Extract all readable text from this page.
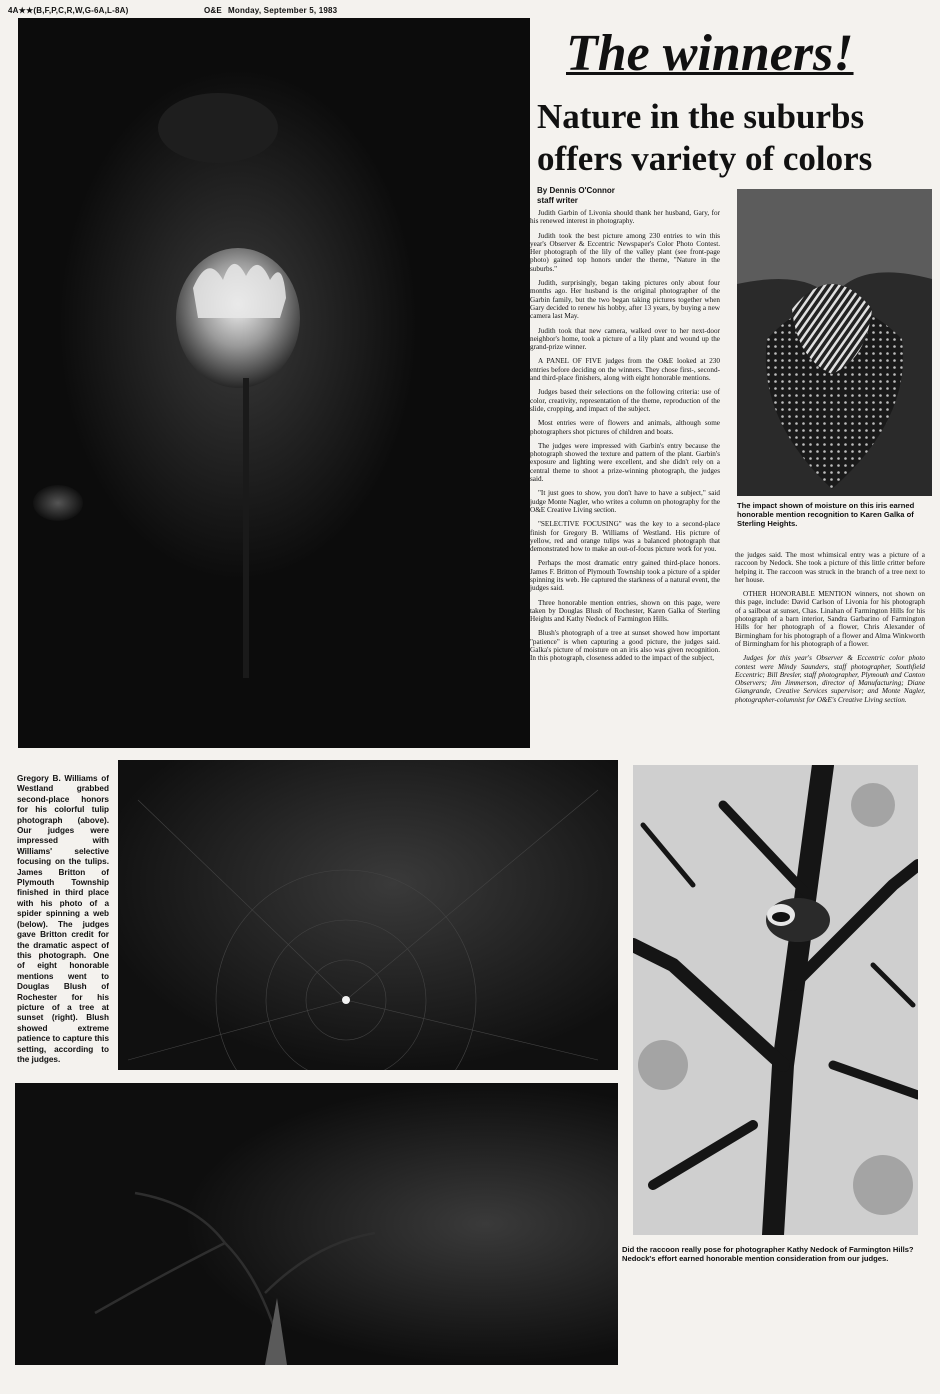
4A★★(B,F,P,C,R,W,G-6A,L-8A)	O&E Monday, September 5, 1983
The winners!
Nature in the suburbs
offers variety of colors
By Dennis O'Connor
staff writer

Judith Garbin of Livonia should thank her husband, Gary, for his renewed interest in photography.

Judith took the best picture among 230 entries to win this year's Observer & Eccentric Newspaper's Color Photo Contest. Her photograph of the lily of the valley plant (see front-page photo) gained top honors under the theme, "Nature in the suburbs."

Judith, surprisingly, began taking pictures only about four months ago. Her husband is the original photographer of the Garbin family, but the two began taking pictures together when Gary decided to renew his hobby, after 13 years, by buying a new camera last May.

Judith took that new camera, walked over to her next-door neighbor's home, took a picture of a lily plant and wound up the grand-prize winner.

A PANEL OF FIVE judges from the O&E looked at 230 entries before deciding on the winners. They chose first-, second- and third-place finishers, along with eight honorable mentions.

Judges based their selections on the following criteria: use of color, creativity, representation of the theme, reproduction of the slide, cropping, and impact of the subject.

Most entries were of flowers and animals, although some photographers shot pictures of children and boats.

The judges were impressed with Garbin's entry because the photograph showed the texture and pattern of the plant. Garbin's exposure and lighting were excellent, and she didn't rely on a central theme to shoot a prize-winning photograph, the judges said.

"It just goes to show, you don't have to have a subject," said judge Monte Nagler, who writes a column on photography for the O&E Creative Living section.

"SELECTIVE FOCUSING" was the key to a second-place finish for Gregory B. Williams of Westland. His picture of yellow, red and orange tulips was a balanced photograph that demonstrated how to make an out-of-focus picture work for you.

Perhaps the most dramatic entry gained third-place honors. James F. Britton of Plymouth Township took a picture of a spider spinning its web. He captured the starkness of a natural event, the judges said.

Three honorable mention entries, shown on this page, were taken by Douglas Blush of Rochester, Karen Galka of Sterling Heights and Kathy Nedock of Farmington Hills.

Blush's photograph of a tree at sunset showed how important "patience" is when capturing a good picture, the judges said. Galka's picture of moisture on an iris also was given recognition. In this photograph, closeness added to the impact of the subject,

The impact shown of moisture on this iris earned honorable mention recognition to Karen Galka of Sterling Heights.

the judges said. The most whimsical entry was a picture of a raccoon by Nedock. She took a picture of this little critter before helping it. The raccoon was struck in the branch of a tree next to her house.

OTHER HONORABLE MENTION winners, not shown on this page, include: David Carlson of Livonia for his photograph of a sailboat at sunset, Chas. Linahan of Farmington Hills for his photograph of a barn interior, Sandra Garbarino of Farmington Hills for her photograph of a flower, Chris Alexander of Birmingham for his photograph of a flower and Alma Winkworth of Birmingham for his photograph of a flower.

Judges for this year's Observer & Eccentric color photo contest were Mindy Saunders, staff photographer, Southfield Eccentric; Bill Bresler, staff photographer, Plymouth and Canton Observers; Jim Jimmerson, director of Manufacturing; Diane Giangrande, Creative Services supervisor; and Monte Nagler, photographer-columnist for O&E's Creative Living section.

Gregory B. Williams of Westland grabbed second-place honors for his colorful tulip photograph (above). Our judges were impressed with Williams' selective focusing on the tulips. James Britton of Plymouth Township finished in third place with his photo of a spider spinning a web (below). The judges gave Britton credit for the dramatic aspect of this photograph. One of eight honorable mentions went to Douglas Blush of Rochester for his picture of a tree at sunset (right). Blush showed extreme patience to capture this setting, according to the judges.
Did the raccoon really pose for photographer Kathy Nedock of Farmington Hills? Nedock's effort earned honorable mention consideration from our judges.
